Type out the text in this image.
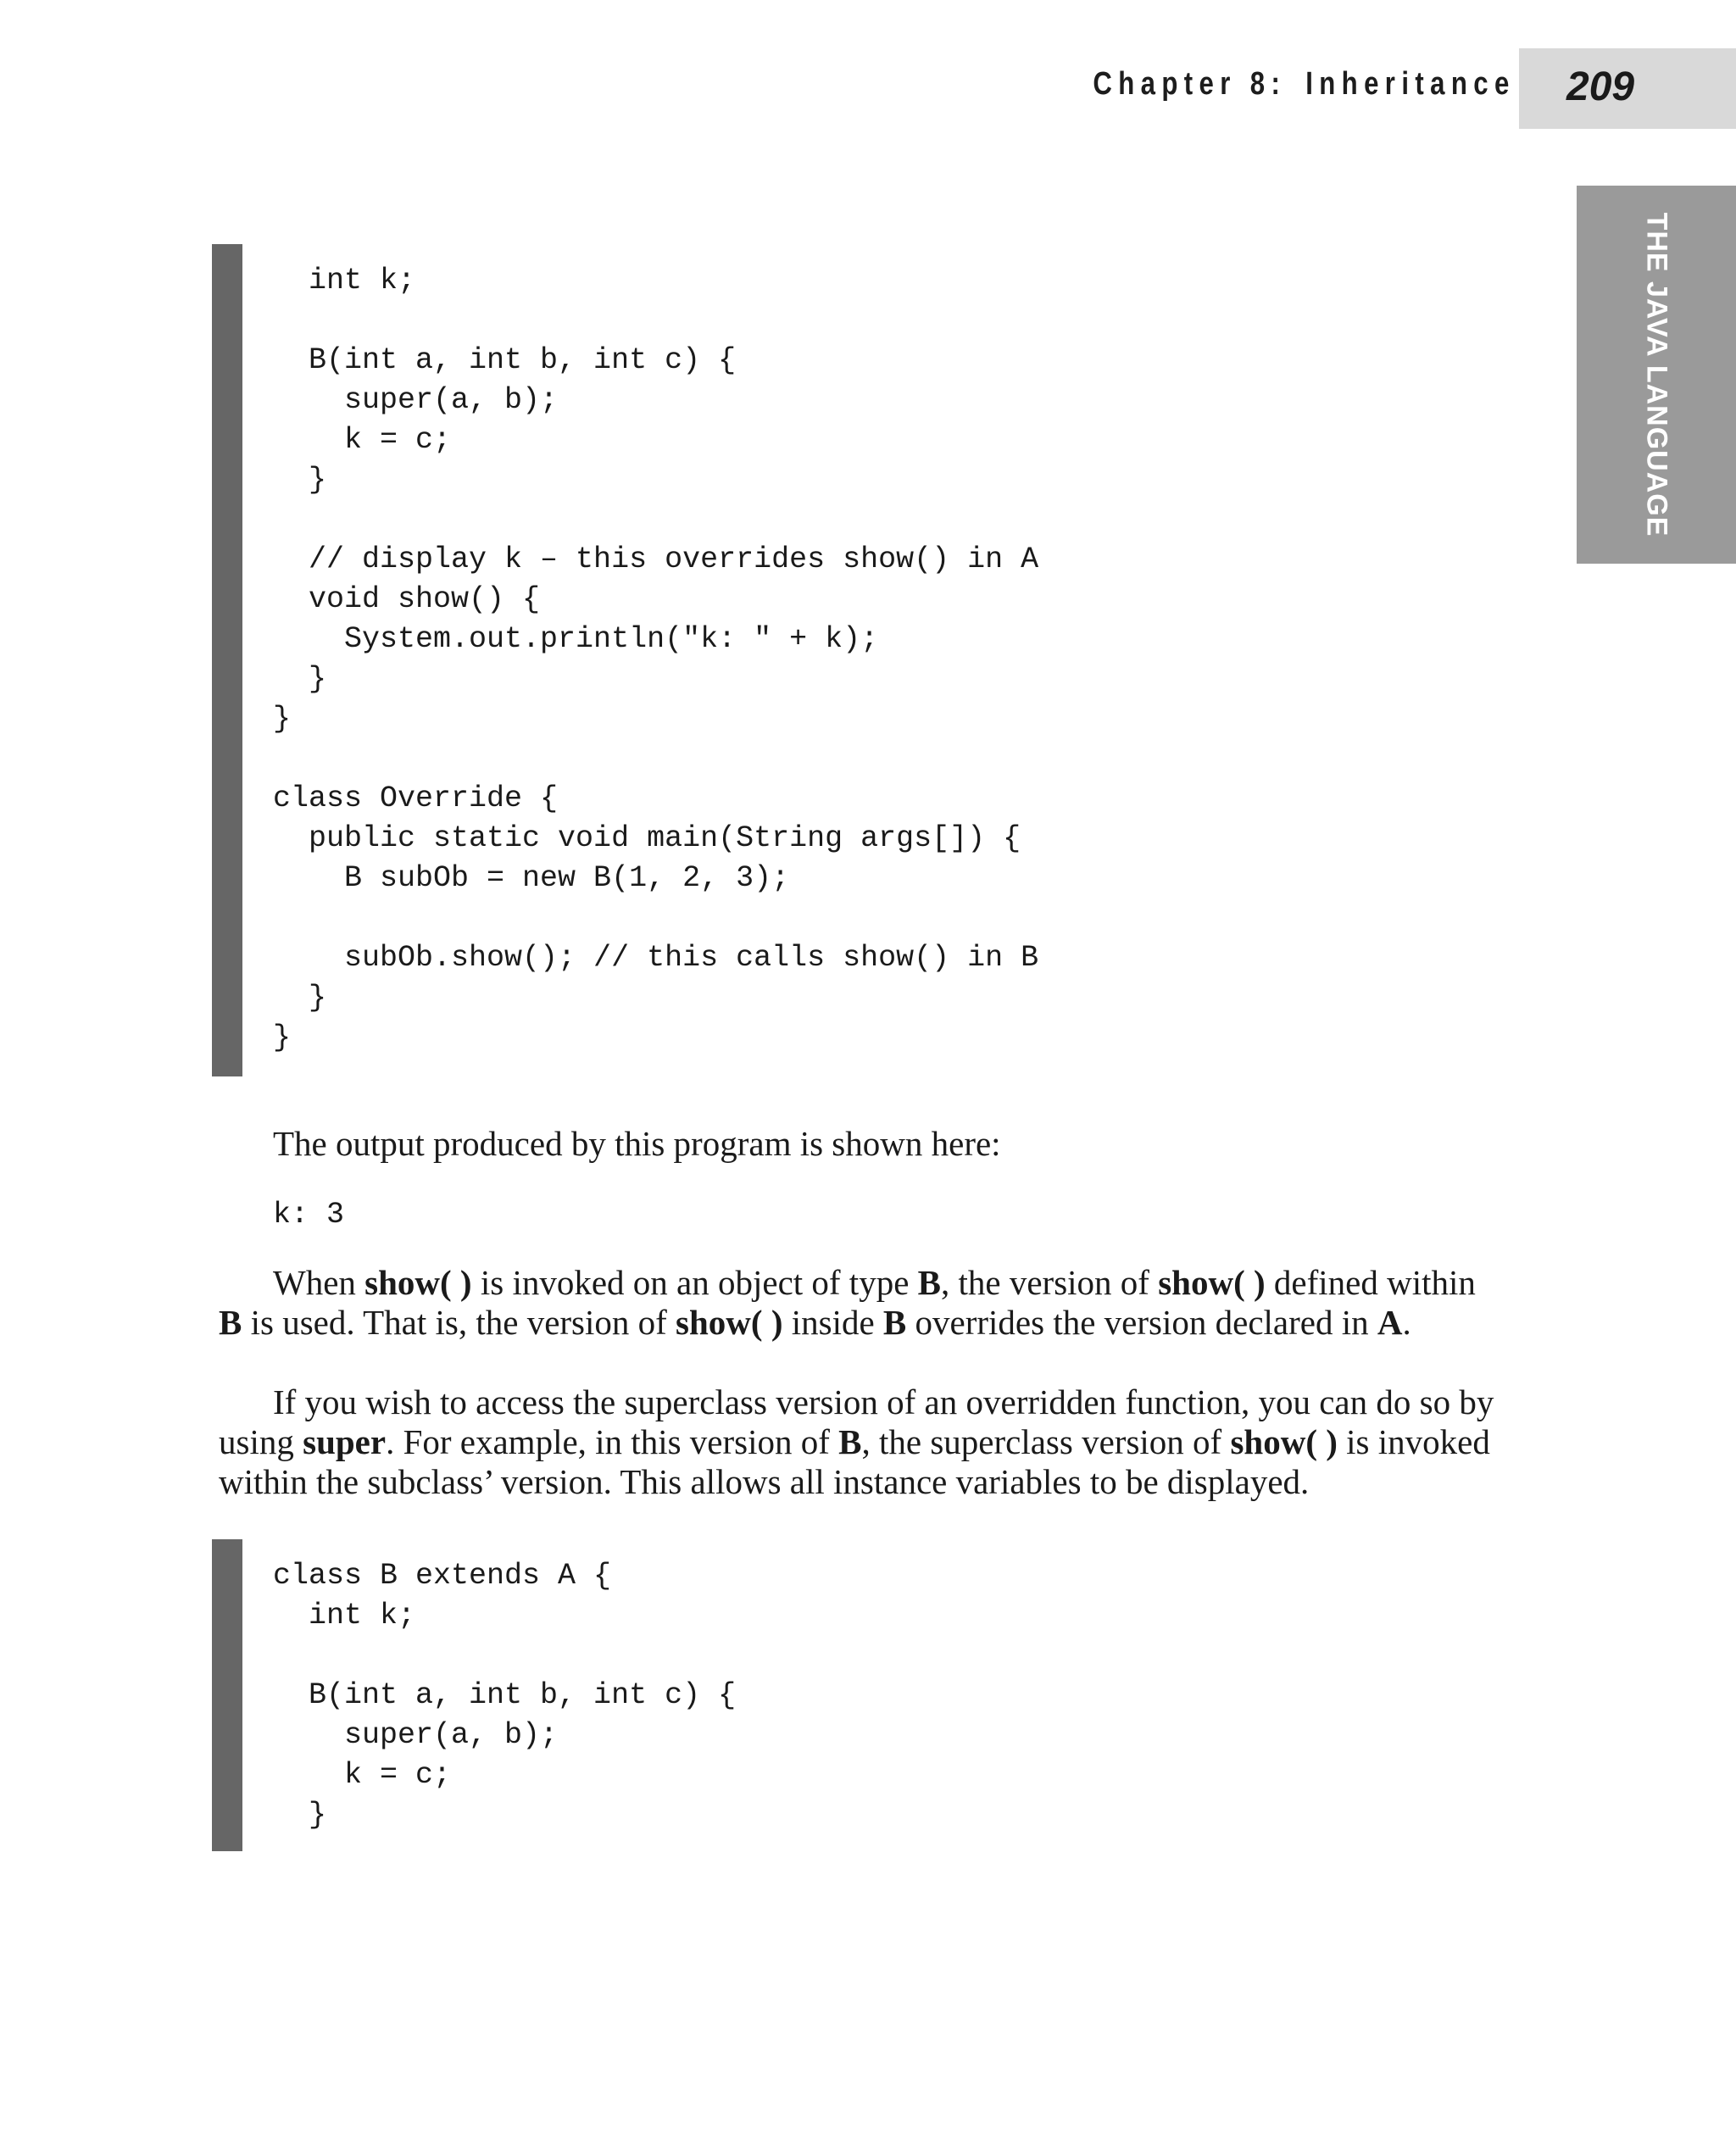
Chapter 8: Inheritance 209
THE JAVA LANGUAGE
int k;
B(int a, int b, int c) {
super(a, b);
k = c;
}
// display k – this overrides show() in A
void show() {
System.out.println("k: " + k);
}
}
class Override {
public static void main(String args[]) {
B subOb = new B(1, 2, 3);
subOb.show(); // this calls show() in B
}
}
The output produced by this program is shown here:
k: 3

When show( ) is invoked on an object of type B, the version of show( ) defined within B is used. That is, the version of show( ) inside B overrides the version declared in A.

If you wish to access the superclass version of an overridden function, you can do so by using super. For example, in this version of B, the superclass version of show( ) is invoked within the subclass’ version. This allows all instance variables to be displayed.

class B extends A {
int k;
B(int a, int b, int c) {
super(a, b);
k = c;
}
